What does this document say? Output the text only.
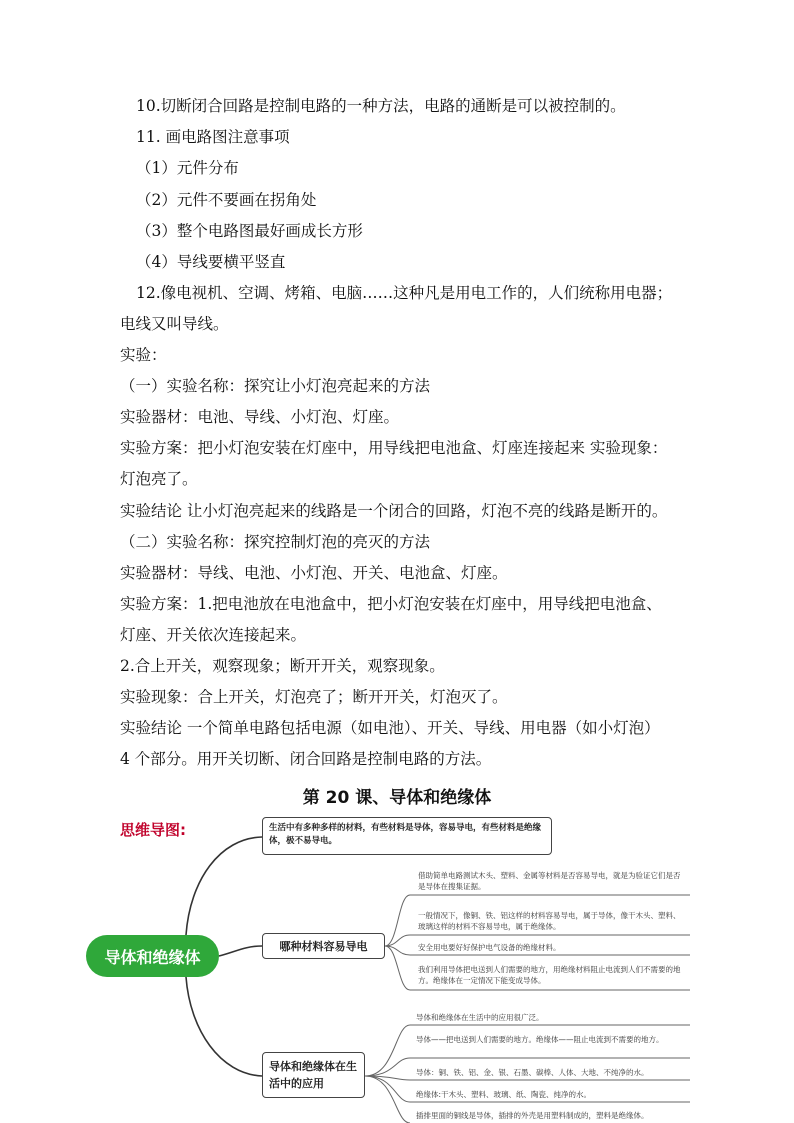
10.切断闭合回路是控制电路的一种方法，电路的通断是可以被控制的。
11. 画电路图注意事项
（1）元件分布
（2）元件不要画在拐角处
（3）整个电路图最好画成长方形
（4）导线要横平竖直
12.像电视机、空调、烤箱、电脑……这种凡是用电工作的，人们统称用电器；
电线又叫导线。
实验：
（一）实验名称：探究让小灯泡亮起来的方法
实验器材：电池、导线、小灯泡、灯座。
实验方案：把小灯泡安装在灯座中，用导线把电池盒、灯座连接起来 实验现象：
灯泡亮了。
实验结论 让小灯泡亮起来的线路是一个闭合的回路，灯泡不亮的线路是断开的。
（二）实验名称：探究控制灯泡的亮灭的方法
实验器材：导线、电池、小灯泡、开关、电池盒、灯座。
实验方案：1.把电池放在电池盒中，把小灯泡安装在灯座中，用导线把电池盒、
灯座、开关依次连接起来。
2.合上开关，观察现象；断开开关，观察现象。
实验现象：合上开关，灯泡亮了；断开开关，灯泡灭了。
实验结论 一个简单电路包括电源（如电池）、开关、导线、用电器（如小灯泡）
4 个部分。用开关切断、闭合回路是控制电路的方法。
第 20 课、导体和绝缘体
思维导图:	生活中有多种多样的材料，有些材料是导体，容易导电，有些材料是绝缘体，极不易导电。
导体和绝缘体
哪种材料容易导电
借助简单电路测试木头、塑料、金属等材料是否容易导电，就是为验证它们是否是导体在搜集证据。
一般情况下，像铜、铁、铝这样的材料容易导电，属于导体，像干木头、塑料、玻璃这样的材料不容易导电，属于绝缘体。
安全用电要好好保护电气设备的绝缘材料。
我们利用导体把电送到人们需要的地方，用绝缘材料阻止电流到人们不需要的地方。绝缘体在一定情况下能变成导体。
导体和绝缘体在生活中的应用
导体和绝缘体在生活中的应用很广泛。
导体——把电送到人们需要的地方。绝缘体——阻止电流到不需要的地方。
导体：铜、铁、铝、金、银、石墨、碳棒、人体、大地、不纯净的水。
绝缘体:干木头、塑料、玻璃、纸、陶瓷、纯净的水。
插排里面的铜线是导体，插排的外壳是用塑料制成的，塑料是绝缘体。
